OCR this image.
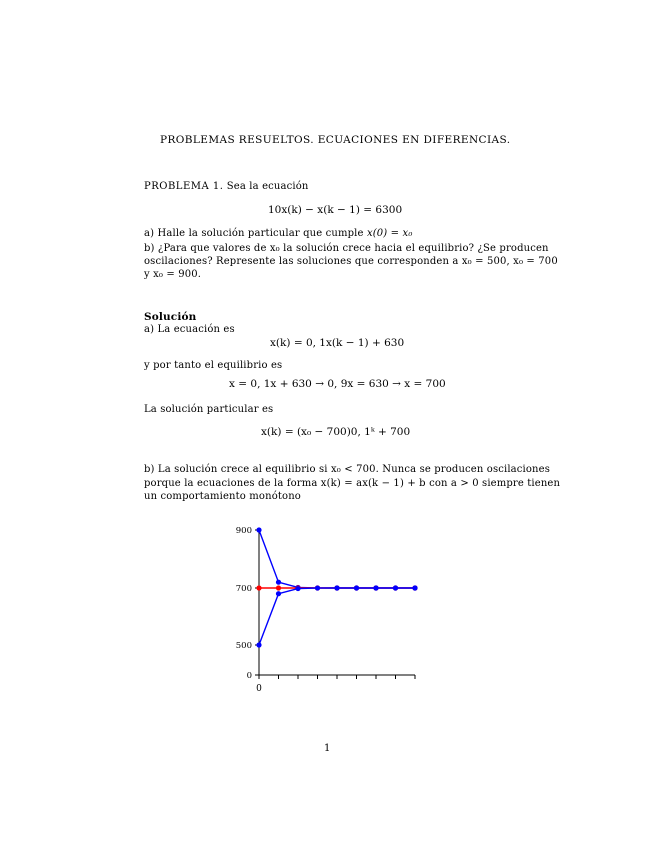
PROBLEMAS RESUELTOS. ECUACIONES EN DIFERENCIAS.
PROBLEMA 1. Sea la ecuación
10x(k) − x(k − 1) = 6300
a) Halle la solución particular que cumple x(0) = x₀
b) ¿Para que valores de x₀ la solución crece hacia el equilibrio? ¿Se producen
oscilaciones? Represente las soluciones que corresponden a x₀ = 500, x₀ = 700
y x₀ = 900.
Solución
a) La ecuación es
x(k) = 0, 1x(k − 1) + 630
y por tanto el equilibrio es
x = 0, 1x + 630 → 0, 9x = 630 → x = 700
La solución particular es
x(k) = (x₀ − 700)0, 1ᵏ + 700
b) La solución crece al equilibrio si x₀ < 700. Nunca se producen oscilaciones
porque la ecuaciones de la forma x(k) = ax(k − 1) + b con a > 0 siempre tienen
un comportamiento monótono
0
500
700
900
0
1
